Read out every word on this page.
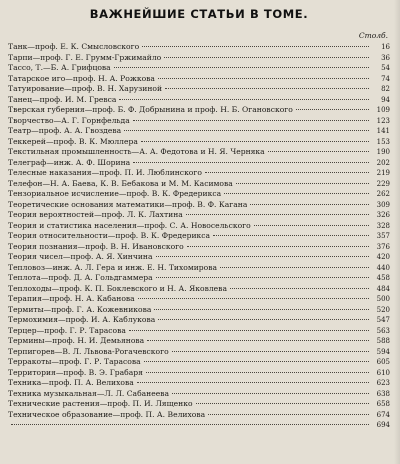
ВАЖНЕЙШИЕ СТАТЬИ В ТОМЕ.
Столб.
Танк—проф. Е. К. Смысловского	16
Тарпи—проф. Г. Е. Грумм-Гржимайло	36
Тассо, Т.—Б. А. Грифцова	54
Татарское иго—проф. Н. А. Рожкова	74
Татуирование—проф. В. Н. Харузиной	82
Танец—проф. И. М. Гревса	94
Тверская губерния—проф. Б. Ф. Добрынина и проф. Н. Б. Огановского	109
Творчество—А. Г. Горнфельда	123
Театр—проф. А. А. Гвоздева	141
Теккерей—проф. В. К. Мюллера	153
Текстильная промышленность—А. А. Федотова и Н. Я. Черняка	190
Телеграф—инж. А. Ф. Шорина	202
Телесные наказания—проф. П. И. Люблинского	219
Телефон—Н. А. Баева, К. В. Бебакова и М. М. Касимова	229
Тензориальное исчисление—проф. В. К. Фредерикса	262
Теоретические основания математики—проф. В. Ф. Кагана	309
Теория вероятностей—проф. Л. К. Лахтина	326
Теория и статистика населения—проф. С. А. Новосельского	328
Теория относительности—проф. В. К. Фредерикса	357
Теория познания—проф. В. Н. Ивановского	376
Теория чисел—проф. А. Я. Хинчина	420
Тепловоз—инж. А. Л. Гера и инж. Е. Н. Тихомирова	440
Теплота—проф. Д. А. Гольдгаммера	458
Теплоходы—проф. К. П. Боклевского и Н. А. Яковлева	484
Терапия—проф. Н. А. Кабанова	500
Термиты—проф. Г. А. Кожевникова	520
Термохимия—проф. И. А. Каблукова	547
Терцер—проф. Г. Р. Тарасова	563
Термины—проф. Н. И. Демьянова	588
Терпигорев—В. Л. Львова-Рогачевского	594
Терракоты—проф. Г. Р. Тарасова	605
Территория—проф. В. Э. Грабаря	610
Техника—проф. П. А. Велихова	623
Техника музыкальная—Л. Л. Сабанеева	638
Технические растения—проф. П. И. Лященко	658
Техническое образование—проф. П. А. Велихова	674
694
